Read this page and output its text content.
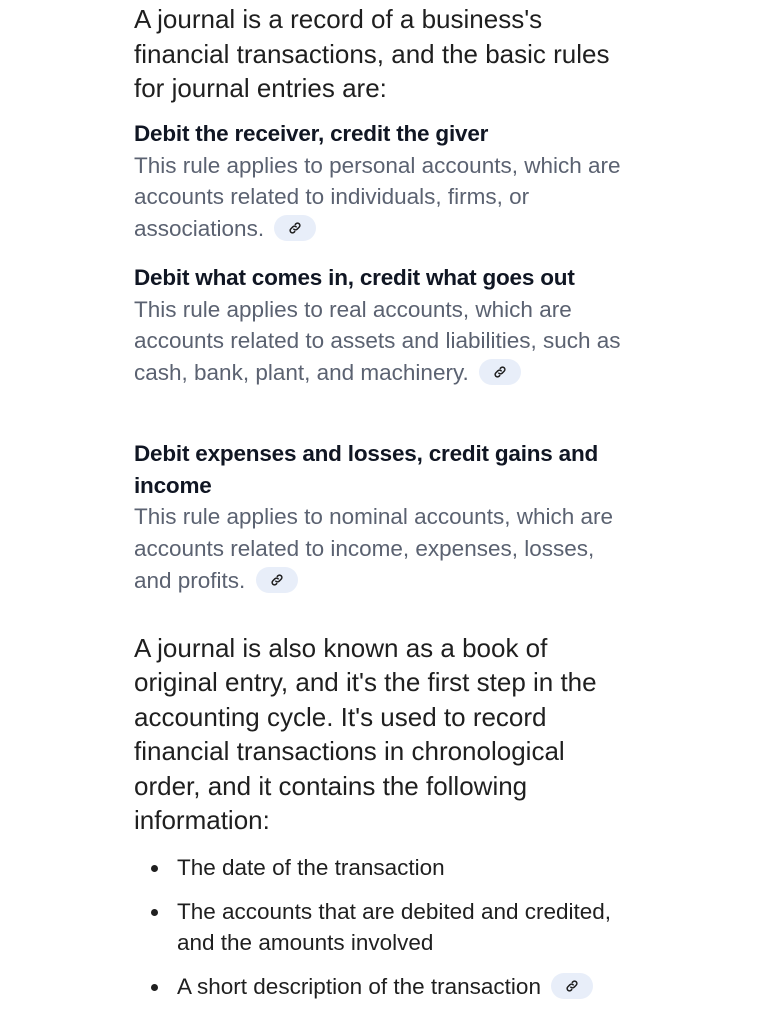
A journal is a record of a business's financial transactions, and the basic rules for journal entries are:

Debit the receiver, credit the giver

This rule applies to personal accounts, which are accounts related to individuals, firms, or associations.

Debit what comes in, credit what goes out

This rule applies to real accounts, which are accounts related to assets and liabilities, such as cash, bank, plant, and machinery.

Debit expenses and losses, credit gains and income

This rule applies to nominal accounts, which are accounts related to income, expenses, losses, and profits.

A journal is also known as a book of original entry, and it's the first step in the accounting cycle. It's used to record financial transactions in chronological order, and it contains the following information:

The date of the transaction
The accounts that are debited and credited, and the amounts involved
A short description of the transaction
